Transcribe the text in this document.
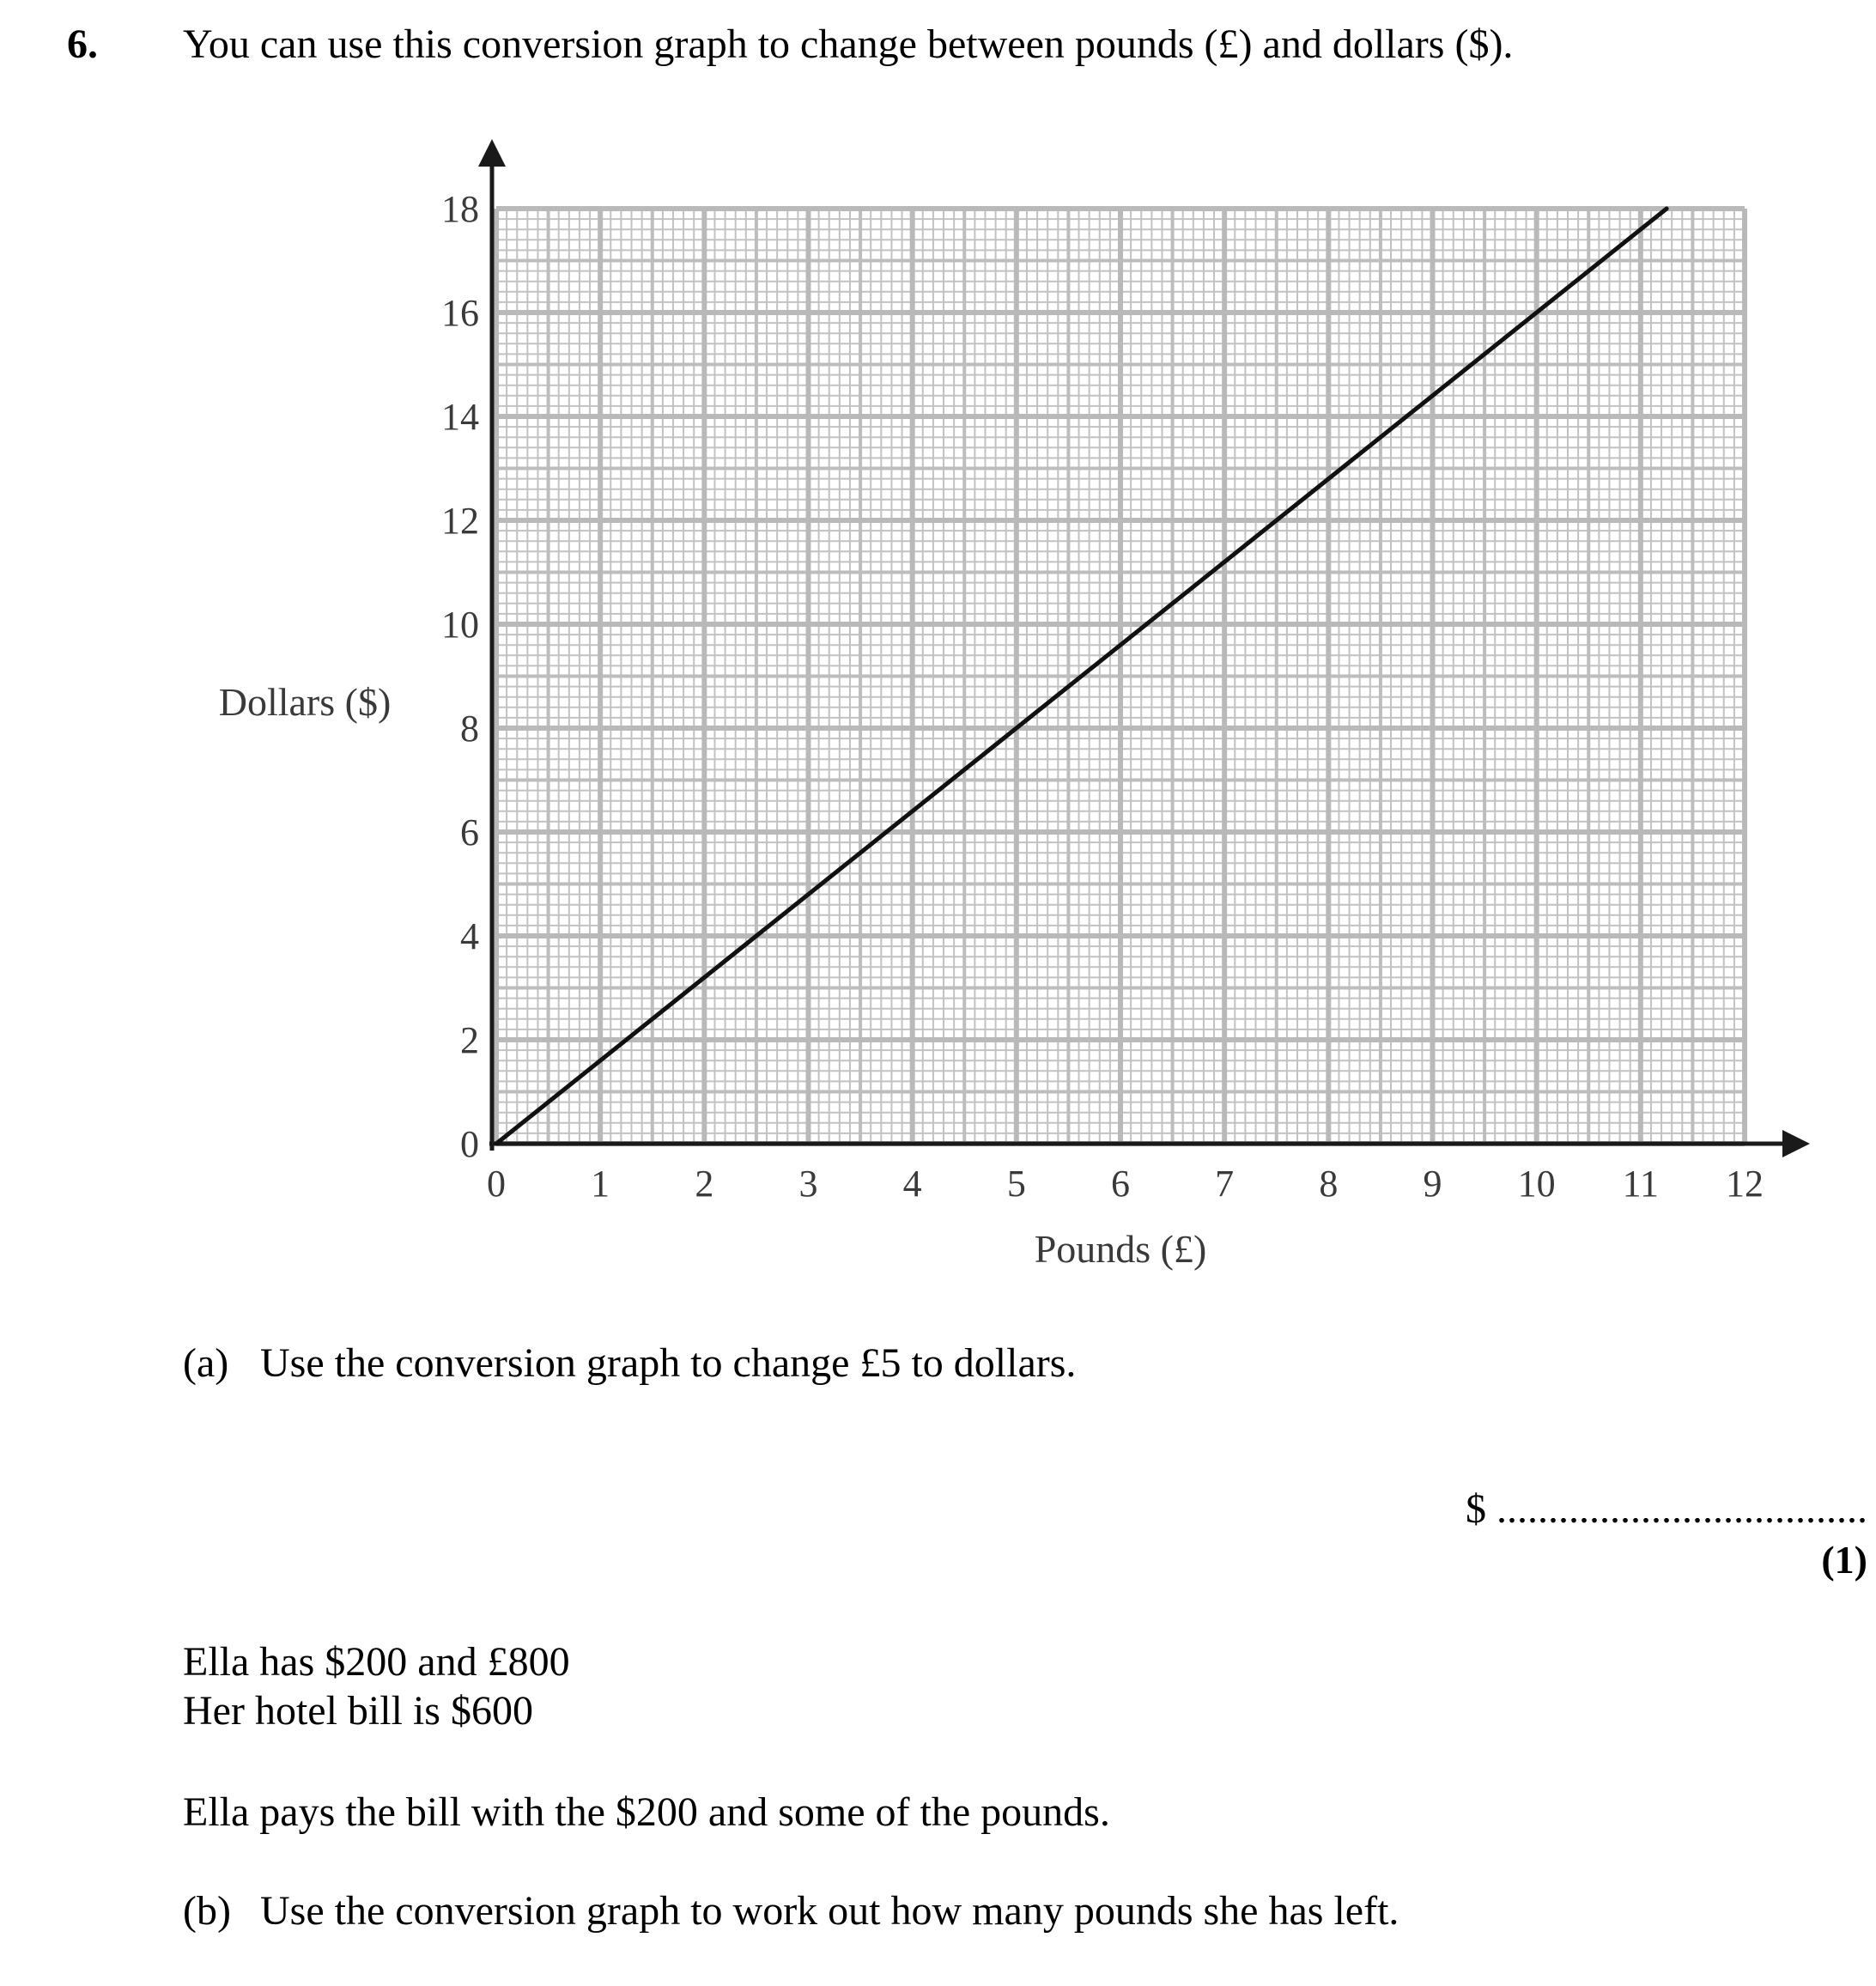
6. You can use this conversion graph to change between pounds (£) and dollars ($).
0 1 2 3 4 5 6 7 8 9 10 11 12
0
2
4
6
8
10
12
14
16
18
Pounds (£)
Dollars ($)
(a) Use the conversion graph to change £5 to dollars.
$ ....................................
(1)
Ella has $200 and £800
Her hotel bill is $600
Ella pays the bill with the $200 and some of the pounds.
(b) Use the conversion graph to work out how many pounds she has left.
